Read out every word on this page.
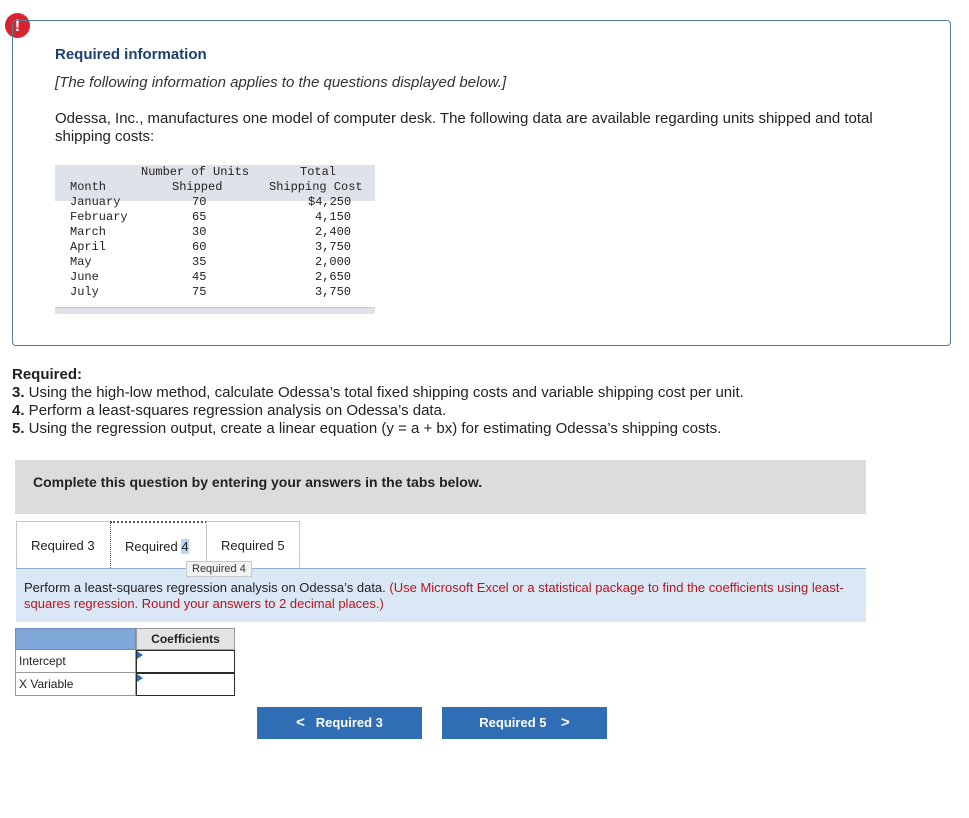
!
Required information
[The following information applies to the questions displayed below.]
Odessa, Inc., manufactures one model of computer desk. The following data are available regarding units shipped and total shipping costs:
Number of Units	Total
Month	Shipped	Shipping Cost
January	70	$4,250
February	65	4,150
March	30	2,400
April	60	3,750
May	35	2,000
June	45	2,650
July	75	3,750
Required:
3. Using the high-low method, calculate Odessa’s total fixed shipping costs and variable shipping cost per unit.
4. Perform a least-squares regression analysis on Odessa’s data.
5. Using the regression output, create a linear equation (y = a + bx) for estimating Odessa’s shipping costs.
Complete this question by entering your answers in the tabs below.
Required 3	Required 4	Required 5
Perform a least-squares regression analysis on Odessa’s data. (Use Microsoft Excel or a statistical package to find the coefficients using least-squares regression. Round your answers to 2 decimal places.)
Required 4
Coefficients
Intercept
X Variable
< Required 3	Required 5 >
